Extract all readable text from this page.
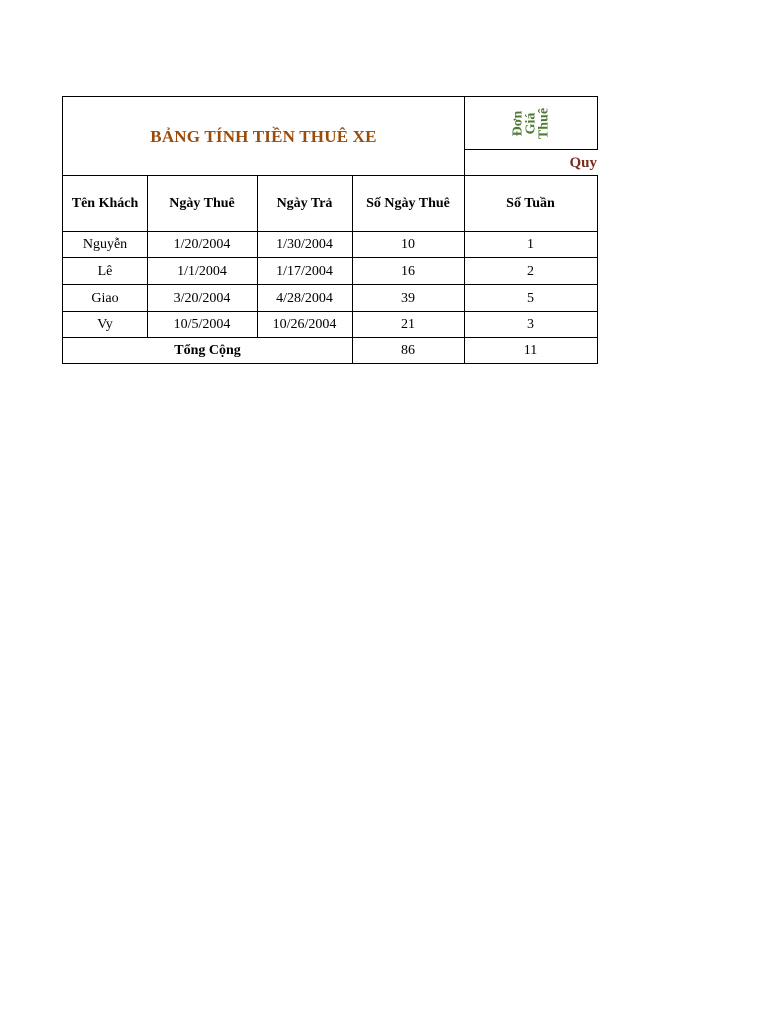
BẢNG TÍNH TIỀN THUÊ XE
Đơn Giá Thuê
Quy
Tên Khách	Ngày Thuê	Ngày Trả	Số Ngày Thuê	Số Tuần
Nguyễn	1/20/2004	1/30/2004	10	1
Lê	1/1/2004	1/17/2004	16	2
Giao	3/20/2004	4/28/2004	39	5
Vy	10/5/2004	10/26/2004	21	3
Tổng Cộng	86	11
